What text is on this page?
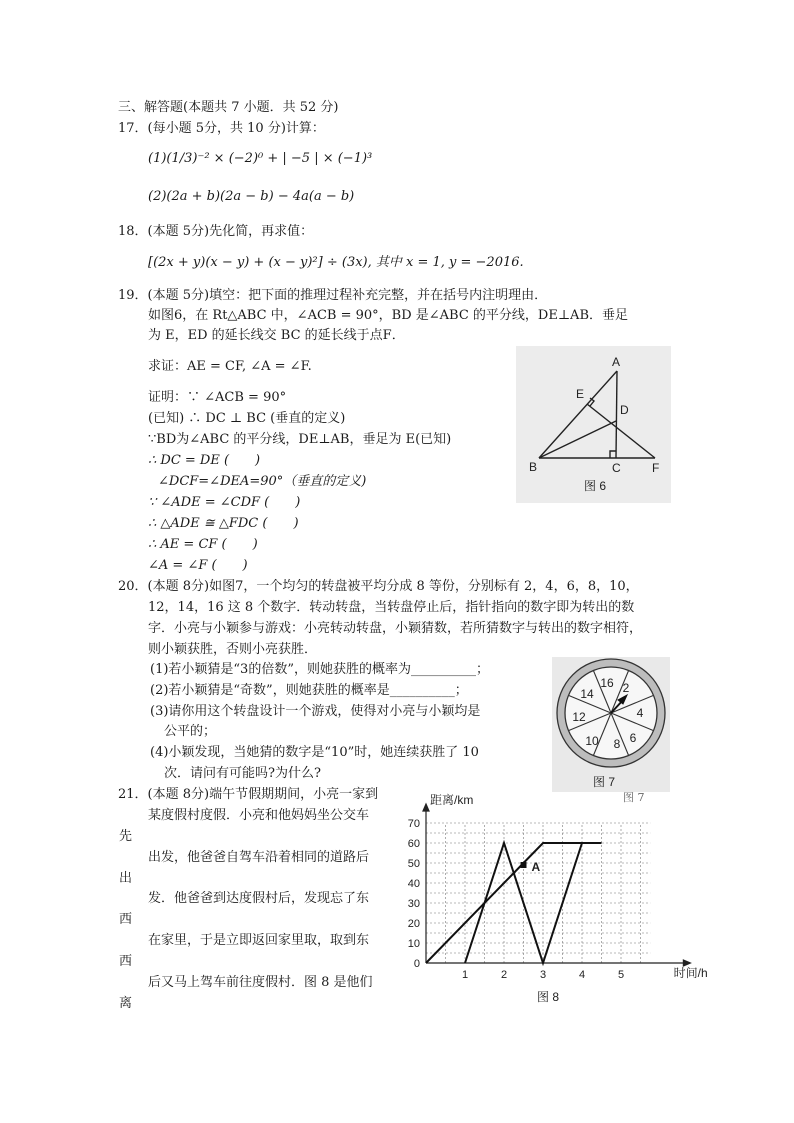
三、解答题(本题共 7 小题．共 52 分)
17．(每小题 5分，共 10 分)计算：
(1)(1/3)⁻² × (−2)⁰ + | −5 | × (−1)³
(2)(2a + b)(2a − b) − 4a(a − b)
18．(本题 5分)先化简，再求值：
[(2x + y)(x − y) + (x − y)²] ÷ (3x), 其中 x = 1, y = −2016.
19．(本题 5分)填空：把下面的推理过程补充完整，并在括号内注明理由．
如图6，在 Rt△ABC 中，∠ACB = 90°，BD 是∠ABC 的平分线，DE⊥AB．垂足
为 E，ED 的延长线交 BC 的延长线于点F．
求证：AE = CF, ∠A = ∠F.
证明：∵ ∠ACB = 90°
(已知) ∴ DC ⊥ BC (垂直的定义)
∵BD为∠ABC 的平分线，DE⊥AB，垂足为 E(已知)
∴ DC = DE (　　)
∠DCF=∠DEA=90°（垂直的定义)
∵ ∠ADE = ∠CDF (　　)
∴ △ADE ≅ △FDC (　　)
∴ AE = CF (　　)
∠A = ∠F (　　)
A
B	C
D
E
F
图 6
20．(本题 8分)如图7，一个均匀的转盘被平均分成 8 等份，分别标有 2，4，6，8，10，
12，14，16 这 8 个数字．转动转盘，当转盘停止后，指针指向的数字即为转出的数
字．小亮与小颖参与游戏：小亮转动转盘，小颖猜数，若所猜数字与转出的数字相符，
则小颖获胜，否则小亮获胜．
(1)若小颖猜是“3的倍数”，则她获胜的概率为__________；
(2)若小颖猜是“奇数”，则她获胜的概率是__________；
(3)请你用这个转盘设计一个游戏，使得对小亮与小颖均是
公平的；
(4)小颖发现，当她猜的数字是“10”时，她连续获胜了 10
次．请问有可能吗?为什么?
2
4
6
8
10
12
14
16
图 7
21．(本题 8分)端午节假期期间，小亮一家到
某度假村度假．小亮和他妈妈坐公交车
出发，他爸爸自驾车沿着相同的道路后
发．他爸爸到达度假村后，发现忘了东
在家里，于是立即返回家里取，取到东
后又马上驾车前往度假村．图 8 是他们
先
出
西
西
离
图 7
0
10
20
30
40
50
60
70
1	2	3	4	5
距离/km
时间/h
图 8
A
